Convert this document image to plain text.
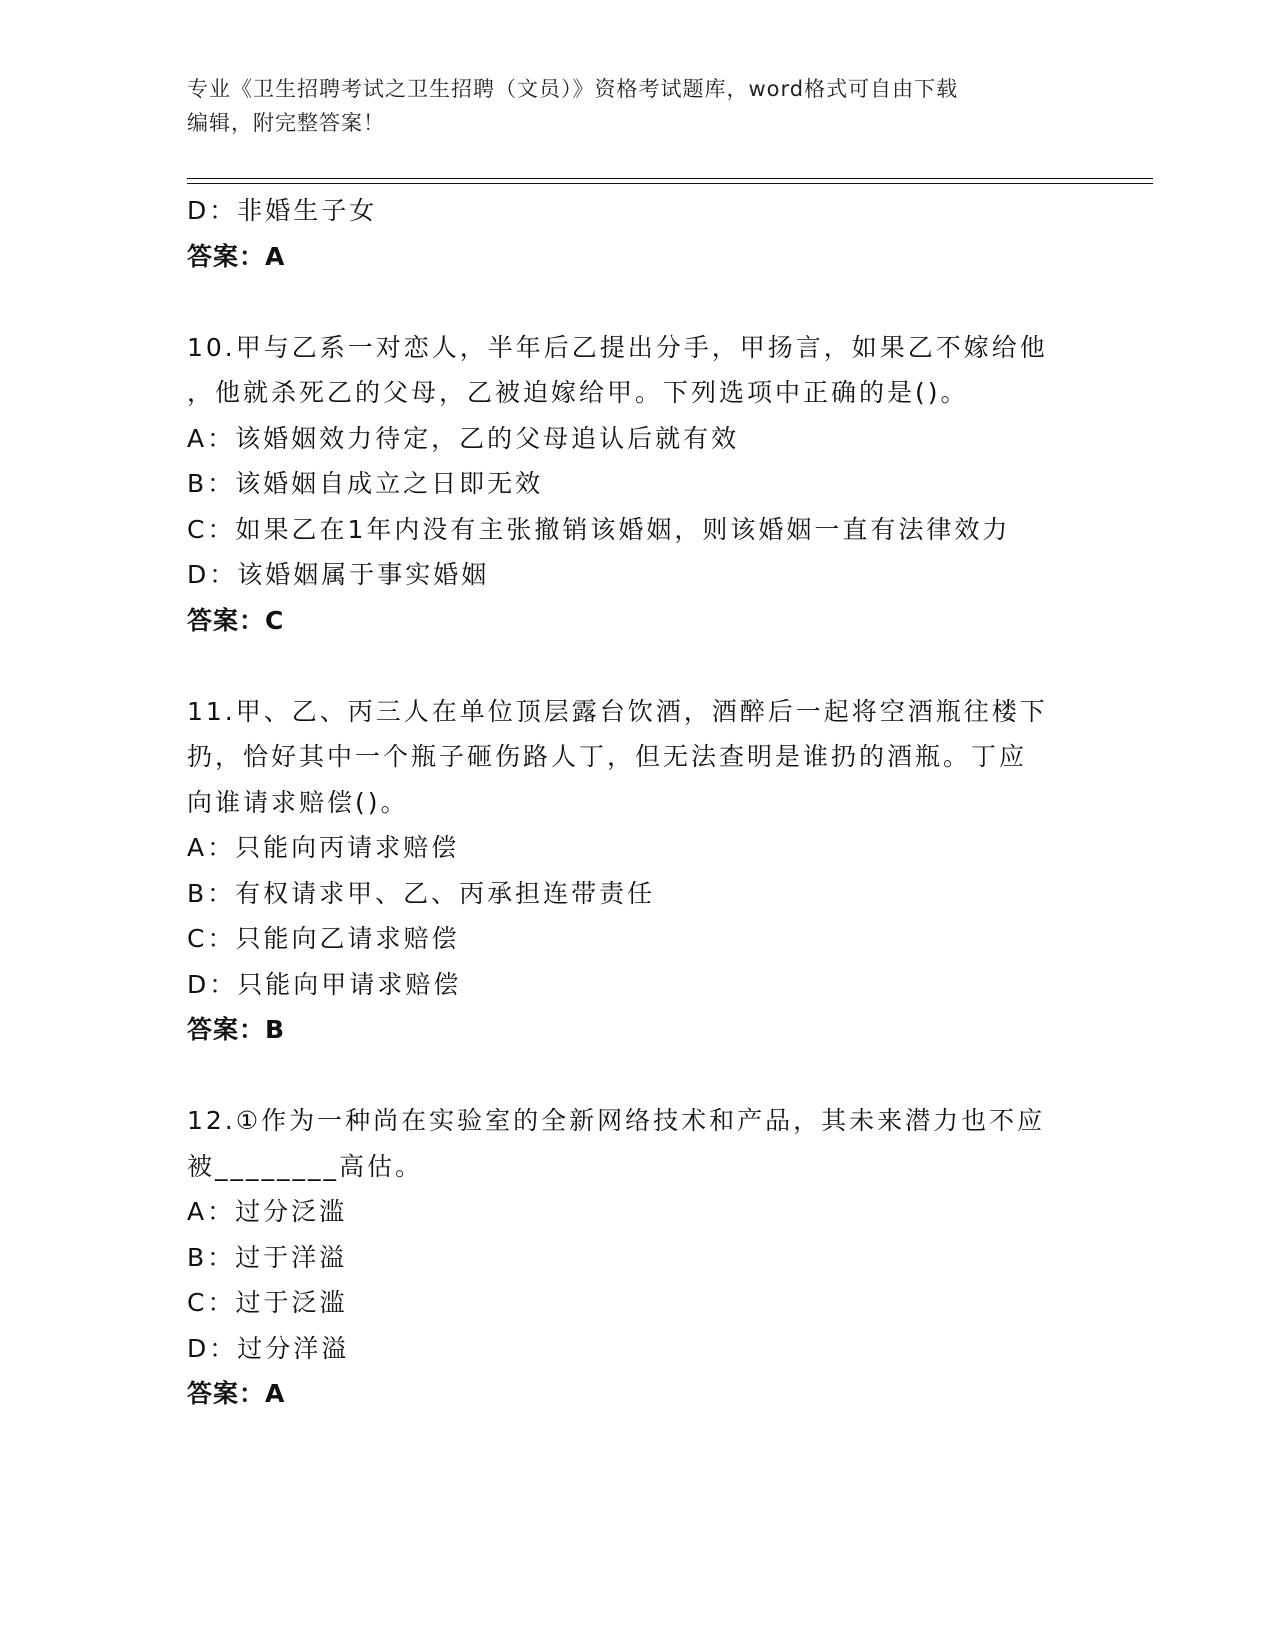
专业《卫生招聘考试之卫生招聘（文员）》资格考试题库，word格式可自由下载
编辑，附完整答案！
D：非婚生子女
答案：A
10.甲与乙系一对恋人，半年后乙提出分手，甲扬言，如果乙不嫁给他
，他就杀死乙的父母，乙被迫嫁给甲。下列选项中正确的是()。
A：该婚姻效力待定，乙的父母追认后就有效
B：该婚姻自成立之日即无效
C：如果乙在1年内没有主张撤销该婚姻，则该婚姻一直有法律效力
D：该婚姻属于事实婚姻
答案：C
11.甲、乙、丙三人在单位顶层露台饮酒，酒醉后一起将空酒瓶往楼下
扔，恰好其中一个瓶子砸伤路人丁，但无法查明是谁扔的酒瓶。丁应
向谁请求赔偿()。
A：只能向丙请求赔偿
B：有权请求甲、乙、丙承担连带责任
C：只能向乙请求赔偿
D：只能向甲请求赔偿
答案：B
12.①作为一种尚在实验室的全新网络技术和产品，其未来潜力也不应
被________高估。
A：过分泛滥
B：过于洋溢
C：过于泛滥
D：过分洋溢
答案：A
